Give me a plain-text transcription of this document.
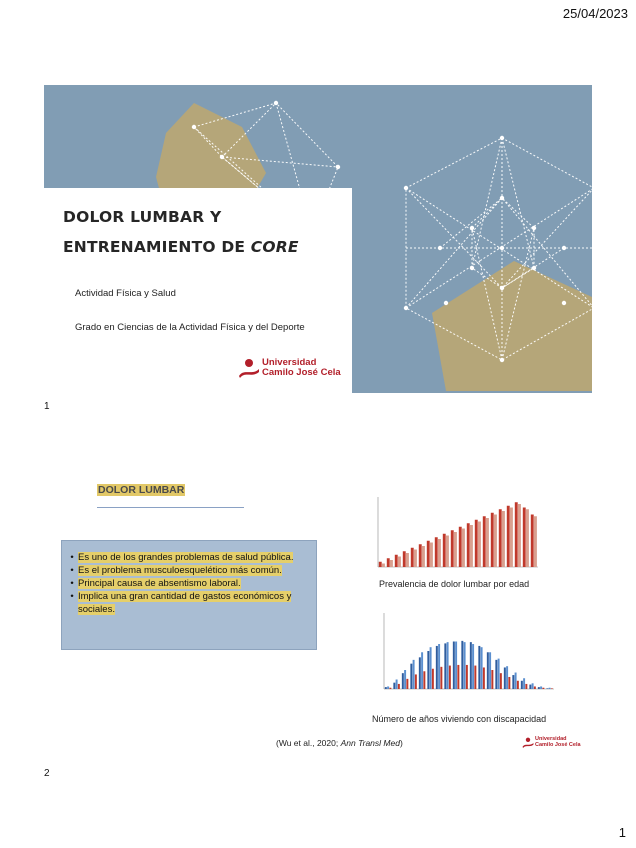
25/04/2023
DOLOR LUMBAR Y
ENTRENAMIENTO DE CORE
Actividad Física y Salud
Grado en Ciencias de la Actividad Física y del Deporte
Universidad
Camilo José Cela
1
DOLOR LUMBAR
• Es uno de los grandes problemas de salud pública.
• Es el problema musculoesquelético más común.
• Principal causa de absentismo laboral.
• Implica una gran cantidad de gastos económicos y sociales.
Prevalencia de dolor lumbar por edad
Número de años viviendo con discapacidad
(Wu et al., 2020; Ann Transl Med)	Universidad
Camilo José Cela
2
1
